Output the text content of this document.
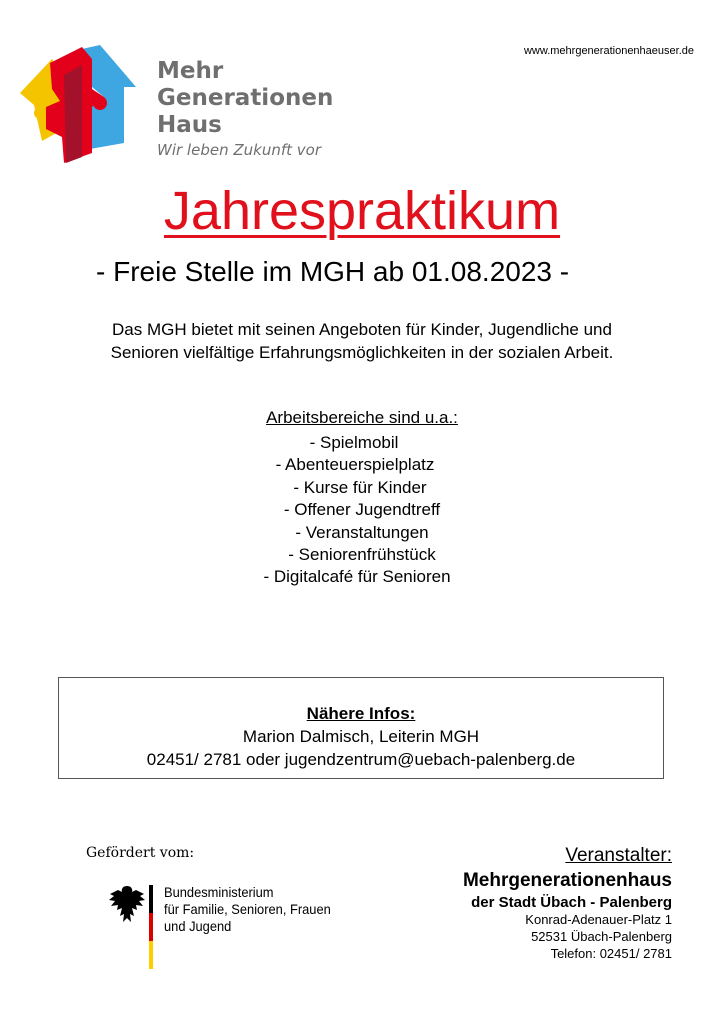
Mehr
Generationen
Haus
Wir leben Zukunft vor
www.mehrgenerationenhaeuser.de
Jahrespraktikum
- Freie Stelle im MGH ab 01.08.2023 -
Das MGH bietet mit seinen Angeboten für Kinder, Jugendliche und
Senioren vielfältige Erfahrungsmöglichkeiten in der sozialen Arbeit.
Arbeitsbereiche sind u.a.:
- Spielmobil
- Abenteuerspielplatz
- Kurse für Kinder
- Offener Jugendtreff
- Veranstaltungen
- Seniorenfrühstück
- Digitalcafé für Senioren
Nähere Infos:
Marion Dalmisch, Leiterin MGH
02451/ 2781 oder jugendzentrum@uebach-palenberg.de
Gefördert vom:
Bundesministerium
für Familie, Senioren, Frauen
und Jugend
Veranstalter:
Mehrgenerationenhaus
der Stadt Übach - Palenberg
Konrad-Adenauer-Platz 1
52531 Übach-Palenberg
Telefon: 02451/ 2781
